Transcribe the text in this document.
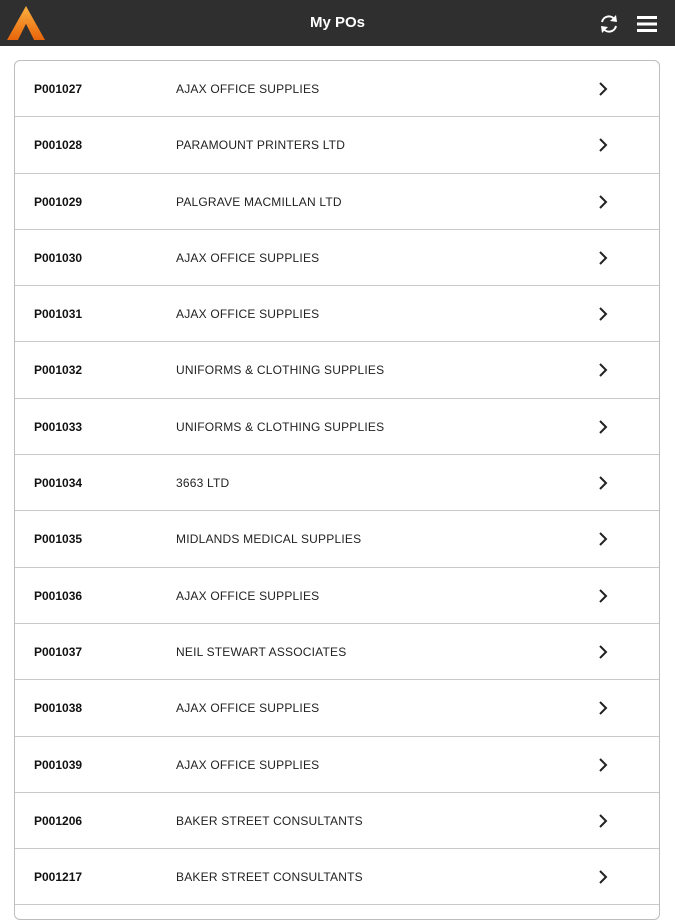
My POs
P001027	AJAX OFFICE SUPPLIES
P001028	PARAMOUNT PRINTERS LTD
P001029	PALGRAVE MACMILLAN LTD
P001030	AJAX OFFICE SUPPLIES
P001031	AJAX OFFICE SUPPLIES
P001032	UNIFORMS & CLOTHING SUPPLIES
P001033	UNIFORMS & CLOTHING SUPPLIES
P001034	3663 LTD
P001035	MIDLANDS MEDICAL SUPPLIES
P001036	AJAX OFFICE SUPPLIES
P001037	NEIL STEWART ASSOCIATES
P001038	AJAX OFFICE SUPPLIES
P001039	AJAX OFFICE SUPPLIES
P001206	BAKER STREET CONSULTANTS
P001217	BAKER STREET CONSULTANTS
